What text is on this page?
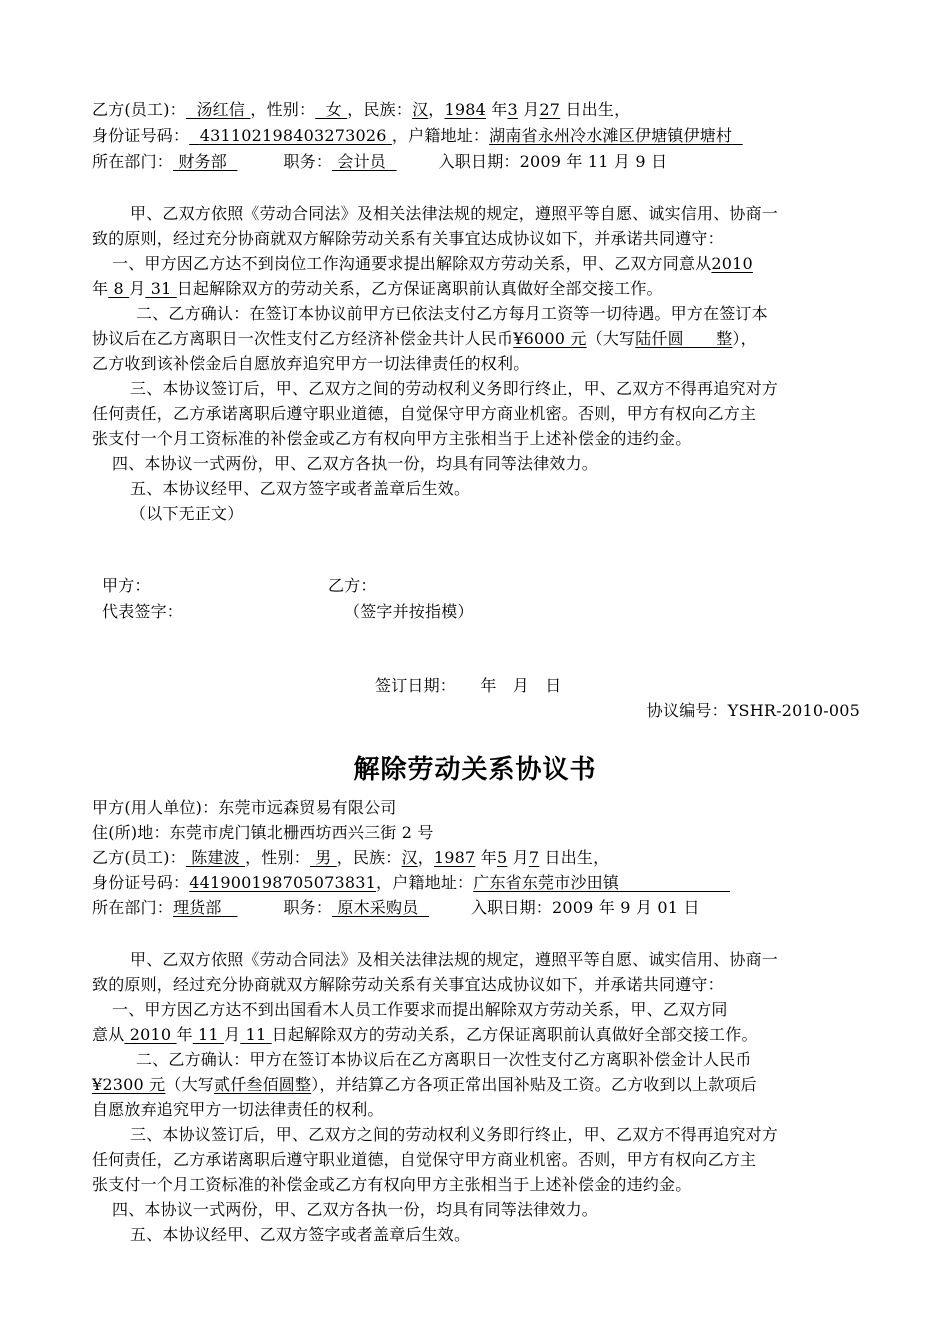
乙方(员工)： 汤红信 ，性别： 女 ，民族：汉，1984 年3 月27 日出生，
身份证号码： 431102198403273026 ，户籍地址：湖南省永州冷水滩区伊塘镇伊塘村
所在部门： 财务部	职务： 会计员	入职日期：2009 年 11 月 9 日
甲、乙双方依照《劳动合同法》及相关法律法规的规定，遵照平等自愿、诚实信用、协商一
致的原则，经过充分协商就双方解除劳动关系有关事宜达成协议如下，并承诺共同遵守：
一、甲方因乙方达不到岗位工作沟通要求提出解除双方劳动关系，甲、乙双方同意从2010
年 8 月 31 日起解除双方的劳动关系，乙方保证离职前认真做好全部交接工作。
二、乙方确认：在签订本协议前甲方已依法支付乙方每月工资等一切待遇。甲方在签订本
协议后在乙方离职日一次性支付乙方经济补偿金共计人民币¥6000 元（大写陆仟圆　　整），
乙方收到该补偿金后自愿放弃追究甲方一切法律责任的权利。
三、本协议签订后，甲、乙双方之间的劳动权利义务即行终止，甲、乙双方不得再追究对方
任何责任，乙方承诺离职后遵守职业道德，自觉保守甲方商业机密。否则，甲方有权向乙方主
张支付一个月工资标准的补偿金或乙方有权向甲方主张相当于上述补偿金的违约金。
四、本协议一式两份，甲、乙双方各执一份，均具有同等法律效力。
五、本协议经甲、乙双方签字或者盖章后生效。
（以下无正文）
甲方：	乙方：
代表签字：	（签字并按指模）
签订日期：　　年　月　日
协议编号：YSHR-2010-005
解除劳动关系协议书
甲方(用人单位)：东莞市远森贸易有限公司
住(所)地：东莞市虎门镇北栅西坊西兴三街 2 号
乙方(员工)： 陈建波 ，性别： 男 ，民族：汉，1987 年5 月7 日出生，
身份证号码：441900198705073831，户籍地址：广东省东莞市沙田镇
所在部门：理货部	职务： 原木采购员	入职日期：2009 年 9 月 01 日
甲、乙双方依照《劳动合同法》及相关法律法规的规定，遵照平等自愿、诚实信用、协商一
致的原则，经过充分协商就双方解除劳动关系有关事宜达成协议如下，并承诺共同遵守：
一、甲方因乙方达不到出国看木人员工作要求而提出解除双方劳动关系，甲、乙双方同
意从 2010 年 11 月 11 日起解除双方的劳动关系，乙方保证离职前认真做好全部交接工作。
二、乙方确认：甲方在签订本协议后在乙方离职日一次性支付乙方离职补偿金计人民币
¥2300 元（大写贰仟叁佰圆整），并结算乙方各项正常出国补贴及工资。乙方收到以上款项后
自愿放弃追究甲方一切法律责任的权利。
三、本协议签订后，甲、乙双方之间的劳动权利义务即行终止，甲、乙双方不得再追究对方
任何责任，乙方承诺离职后遵守职业道德，自觉保守甲方商业机密。否则，甲方有权向乙方主
张支付一个月工资标准的补偿金或乙方有权向甲方主张相当于上述补偿金的违约金。
四、本协议一式两份，甲、乙双方各执一份，均具有同等法律效力。
五、本协议经甲、乙双方签字或者盖章后生效。
